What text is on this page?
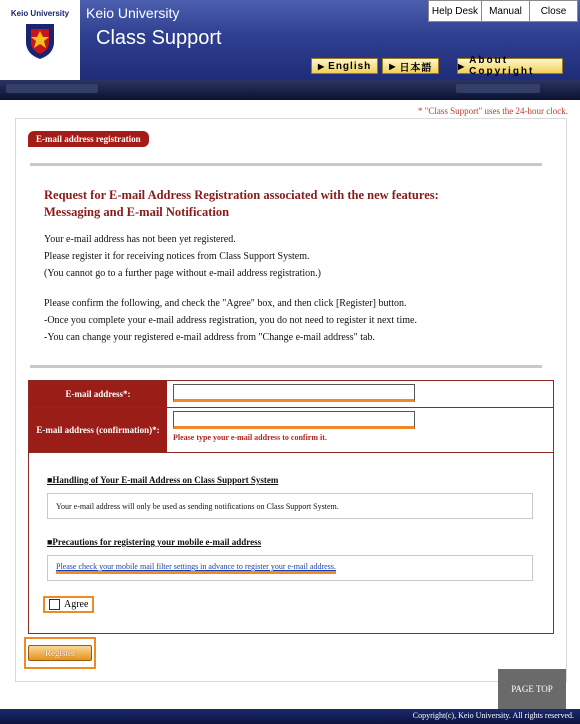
Keio University	Keio University
Class Support
Help Desk	Manual	Close
▶ English ▶ 日本語	▶ About Copyright
* "Class Support" uses the 24-hour clock.
E-mail address registration
Request for E-mail Address Registration associated with the new features:
Messaging and E-mail Notification
Your e-mail address has not been yet registered.
Please register it for receiving notices from Class Support System.
(You cannot go to a further page without e-mail address registration.)
Please confirm the following, and check the "Agree" box, and then click [Register] button.
-Once you complete your e-mail address registration, you do not need to register it next time.
-You can change your registered e-mail address from "Change e-mail address" tab.
E-mail address*:
E-mail address (confirmation)*:
Please type your e-mail address to confirm it.
■Handling of Your E-mail Address on Class Support System
Your e-mail address will only be used as sending notifications on Class Support System.
■Precautions for registering your mobile e-mail address
Please check your mobile mail filter settings in advance to register your e-mail address.
Agree
Register
PAGE TOP
Copyright(c), Keio University. All rights reserved.
